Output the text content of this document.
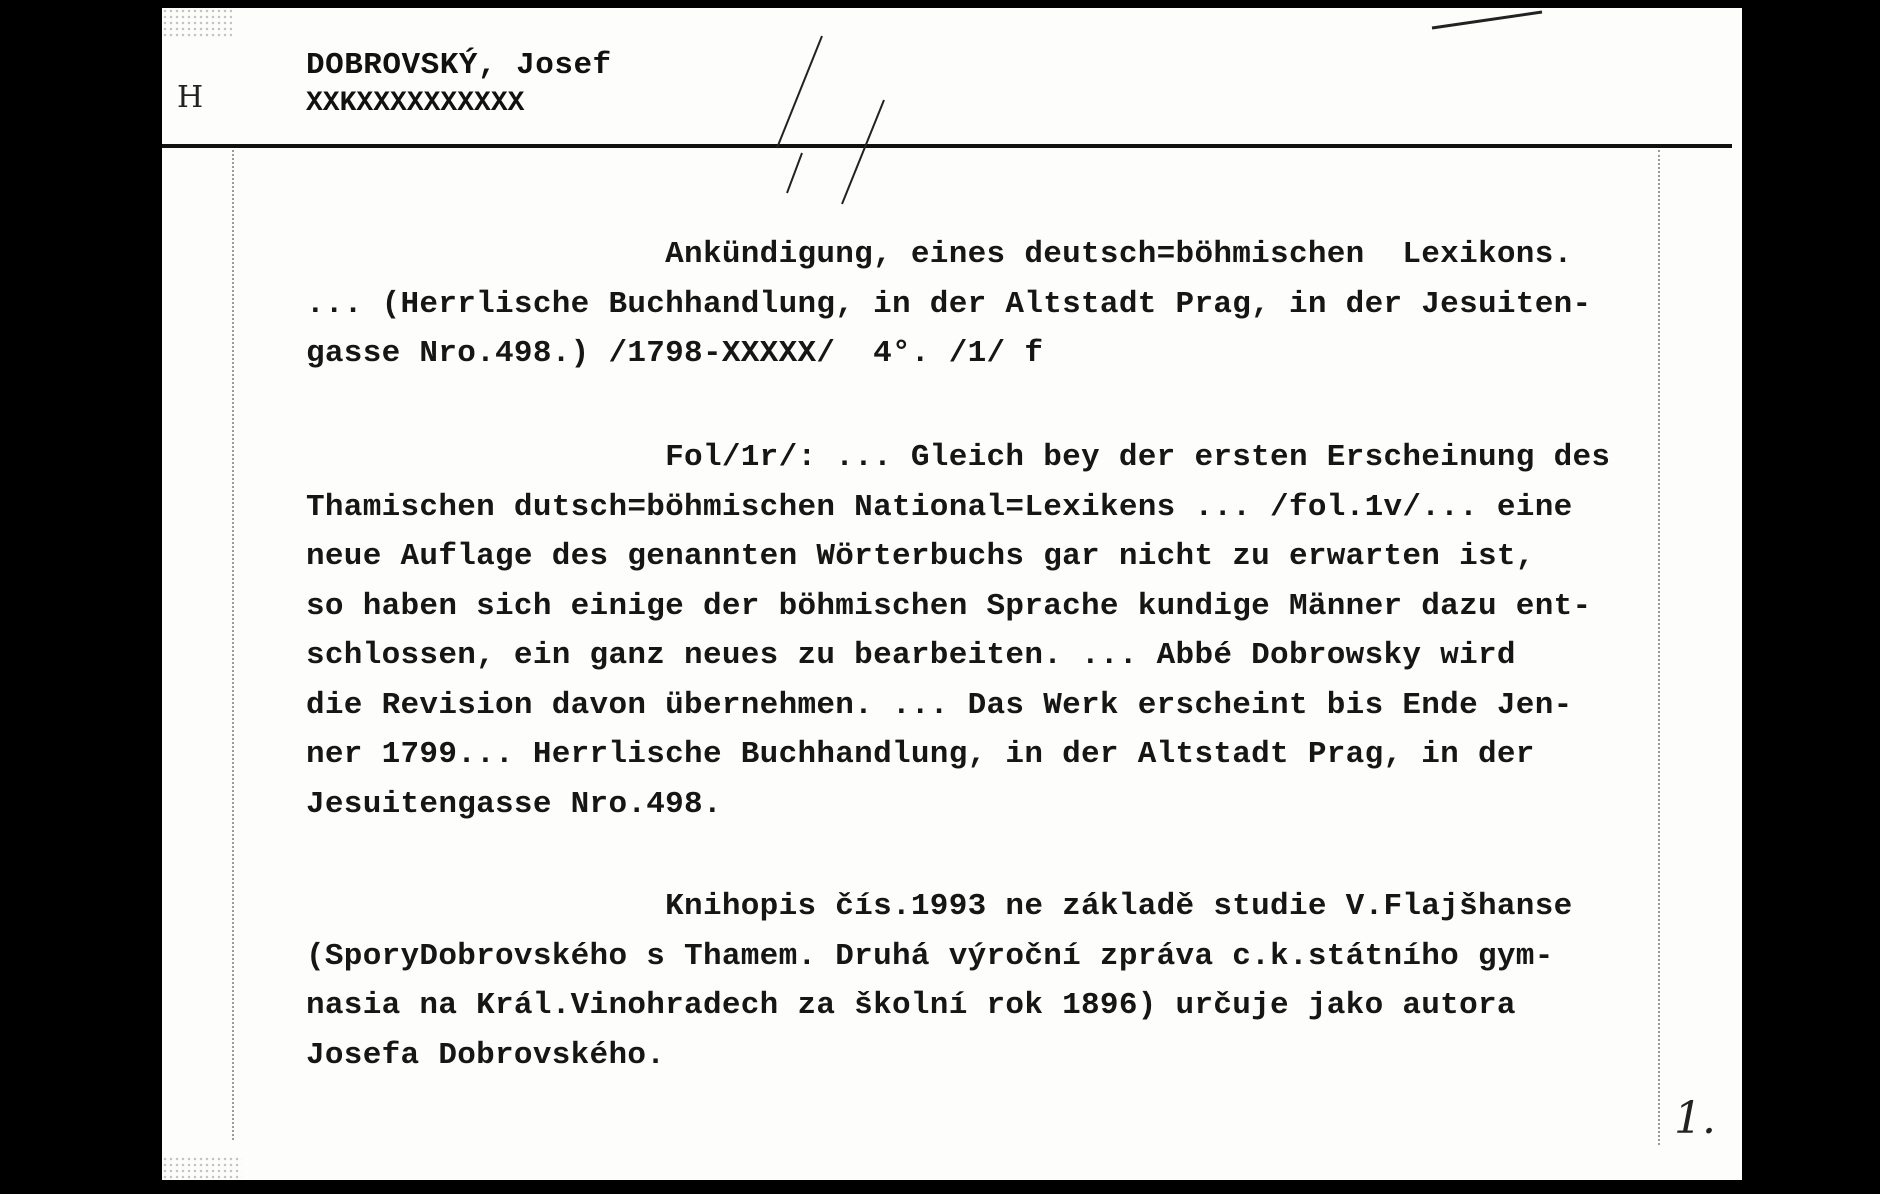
H
DOBROVSKÝ, Josef
XXKXXXXXXXXXX
Ankündigung, eines deutsch=böhmischen  Lexikons.
... (Herrlische Buchhandlung, in der Altstadt Prag, in der Jesuiten-
gasse Nro.498.) /1798-XXXXX/  4°. /1/ f
Fol/1r/: ... Gleich bey der ersten Erscheinung des
Thamischen dutsch=böhmischen National=Lexikens ... /fol.1v/... eine
neue Auflage des genannten Wörterbuchs gar nicht zu erwarten ist,
so haben sich einige der böhmischen Sprache kundige Männer dazu ent-
schlossen, ein ganz neues zu bearbeiten. ... Abbé Dobrowsky wird
die Revision davon übernehmen. ... Das Werk erscheint bis Ende Jen-
ner 1799... Herrlische Buchhandlung, in der Altstadt Prag, in der
Jesuitengasse Nro.498.
Knihopis čís.1993 ne základě studie V.Flajšhanse
(SporyDobrovského s Thamem. Druhá výroční zpráva c.k.státního gym-
nasia na Král.Vinohradech za školní rok 1896) určuje jako autora
Josefa Dobrovského.
1.
